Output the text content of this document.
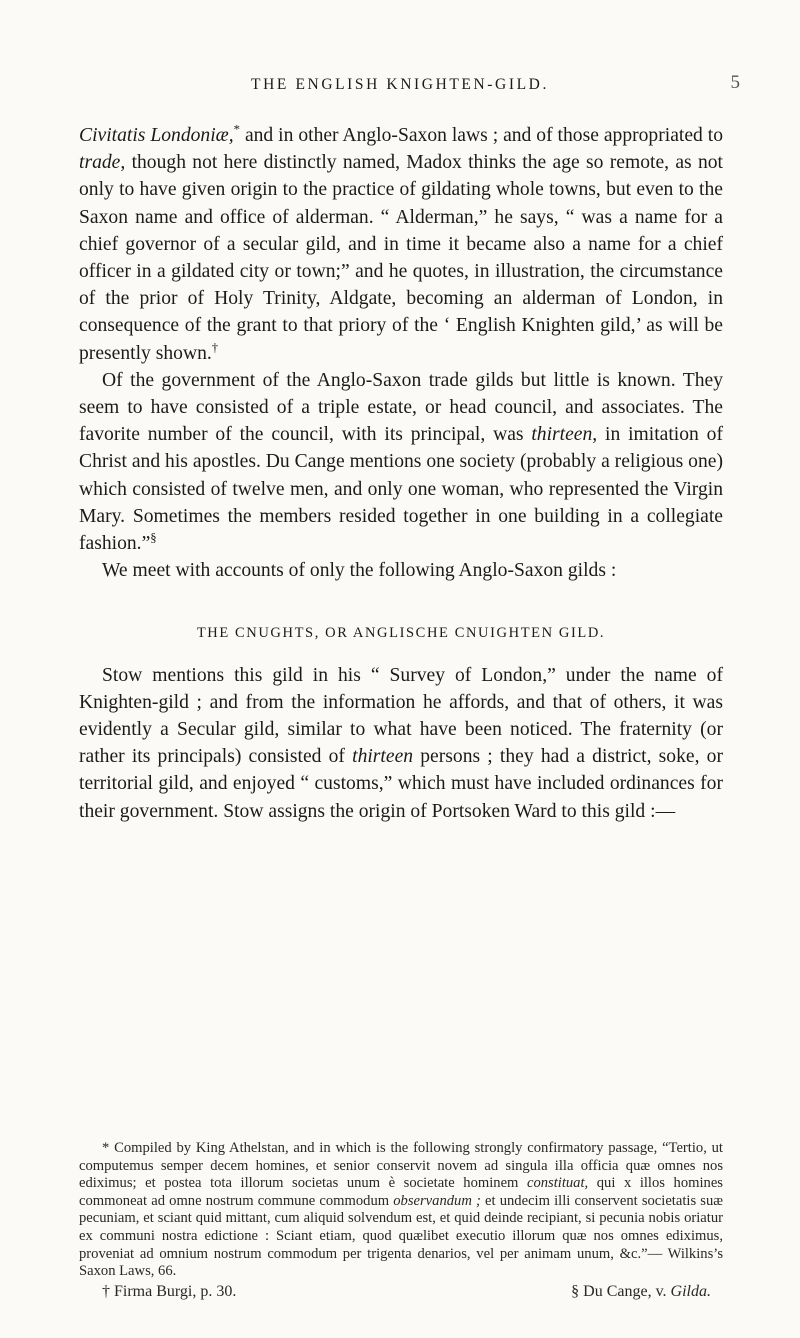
THE ENGLISH KNIGHTEN-GILD.	5

Civitatis Londoniæ,* and in other Anglo-Saxon laws ; and of those appropriated to trade, though not here distinctly named, Madox thinks the age so remote, as not only to have given origin to the practice of gildating whole towns, but even to the Saxon name and office of alderman. “ Alderman,” he says, “ was a name for a chief governor of a secular gild, and in time it became also a name for a chief officer in a gildated city or town;” and he quotes, in illustration, the circumstance of the prior of Holy Trinity, Aldgate, becoming an alderman of London, in consequence of the grant to that priory of the ‘ English Knighten gild,’ as will be presently shown.†

Of the government of the Anglo-Saxon trade gilds but little is known. They seem to have consisted of a triple estate, or head council, and associates. The favorite number of the council, with its principal, was thirteen, in imitation of Christ and his apostles. Du Cange mentions one society (probably a religious one) which consisted of twelve men, and only one woman, who represented the Virgin Mary. Sometimes the members resided together in one building in a collegiate fashion.”§

We meet with accounts of only the following Anglo-Saxon gilds :

THE CNUGHTS, OR ANGLISCHE CNUIGHTEN GILD.

Stow mentions this gild in his “ Survey of London,” under the name of Knighten-gild ; and from the information he affords, and that of others, it was evidently a Secular gild, similar to what have been noticed. The fraternity (or rather its principals) consisted of thirteen persons ; they had a district, soke, or territorial gild, and enjoyed “ customs,” which must have included ordinances for their government. Stow assigns the origin of Portsoken Ward to this gild :—

* Compiled by King Athelstan, and in which is the following strongly confirmatory passage, “Tertio, ut computemus semper decem homines, et senior conservit novem ad singula illa officia quæ omnes nos ediximus; et postea tota illorum societas unum è societate hominem constituat, qui x illos homines commoneat ad omne nostrum commune commodum observandum ; et undecim illi conservent societatis suæ pecuniam, et sciant quid mittant, cum aliquid solvendum est, et quid deinde recipiant, si pecunia nobis oriatur ex communi nostra edictione : Sciant etiam, quod quælibet executio illorum quæ nos omnes ediximus, proveniat ad omnium nostrum commodum per trigenta denarios, vel per animam unum, &c.”— Wilkins’s Saxon Laws, 66.

† Firma Burgi, p. 30.	§ Du Cange, v. Gilda.
